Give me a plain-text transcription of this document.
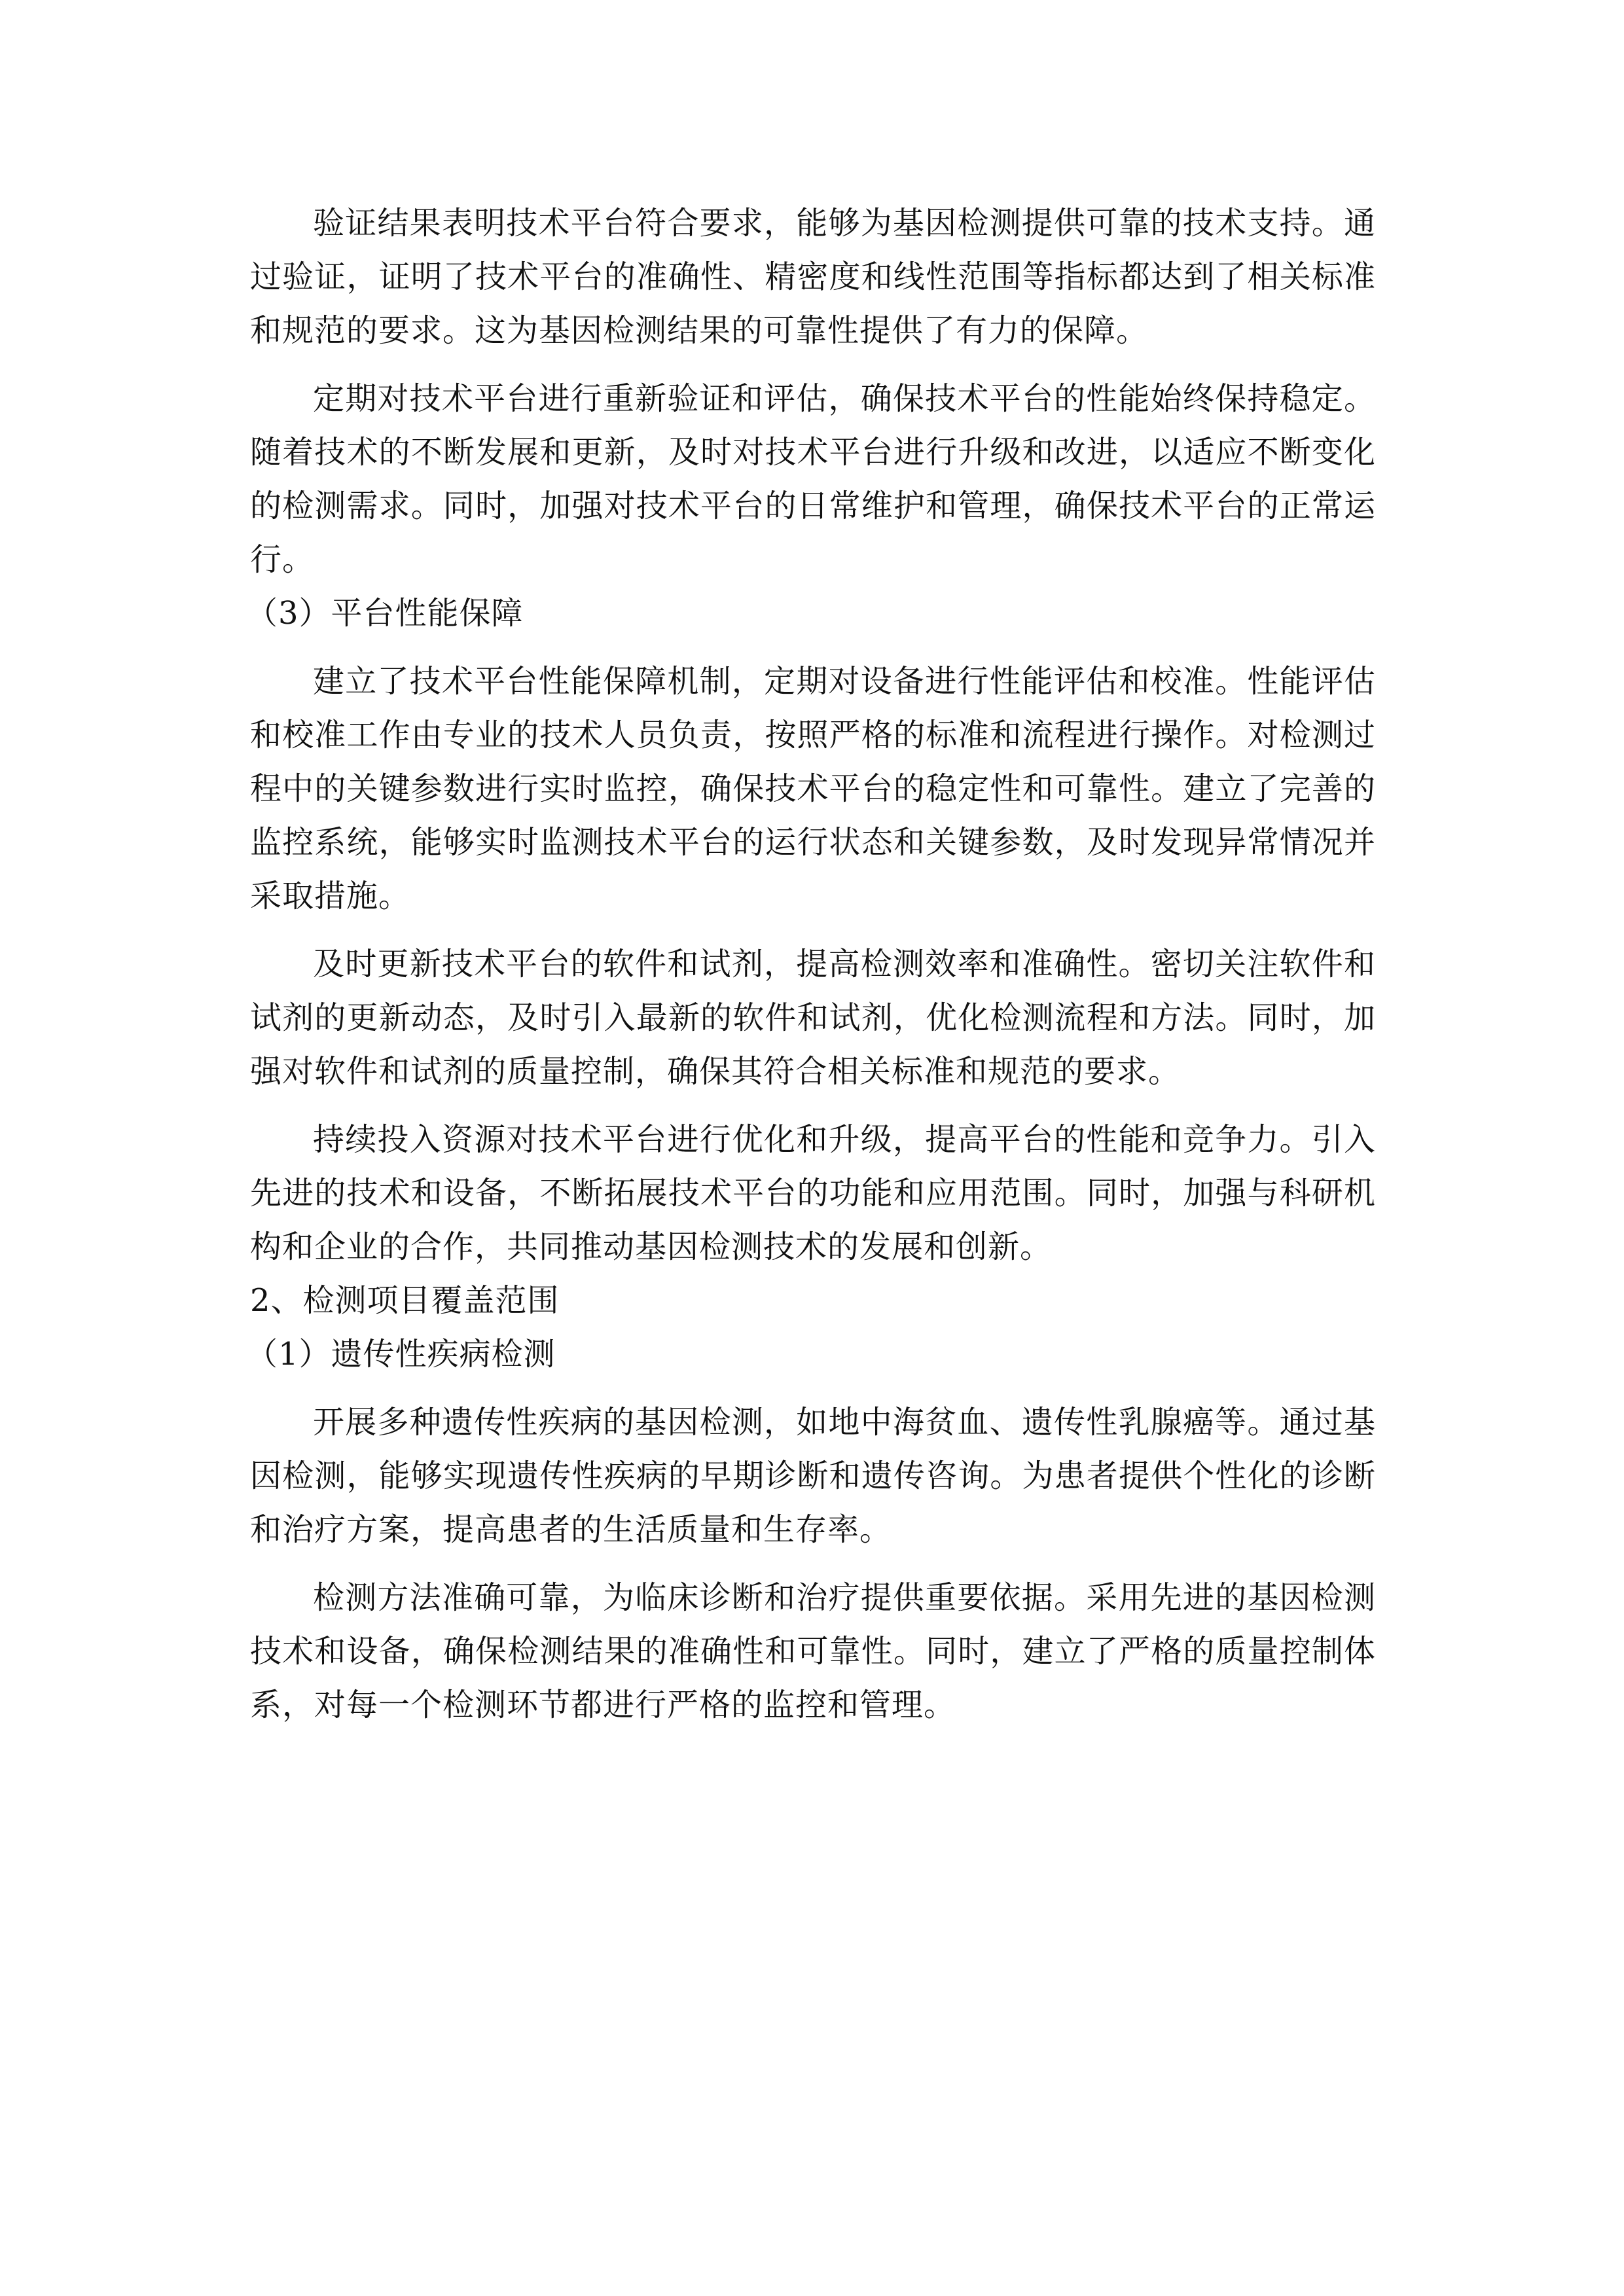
验证结果表明技术平台符合要求，能够为基因检测提供可靠的技术支持。通过验证，证明了技术平台的准确性、精密度和线性范围等指标都达到了相关标准和规范的要求。这为基因检测结果的可靠性提供了有力的保障。

定期对技术平台进行重新验证和评估，确保技术平台的性能始终保持稳定。随着技术的不断发展和更新，及时对技术平台进行升级和改进，以适应不断变化的检测需求。同时，加强对技术平台的日常维护和管理，确保技术平台的正常运行。

（3）平台性能保障

建立了技术平台性能保障机制，定期对设备进行性能评估和校准。性能评估和校准工作由专业的技术人员负责，按照严格的标准和流程进行操作。对检测过程中的关键参数进行实时监控，确保技术平台的稳定性和可靠性。建立了完善的监控系统，能够实时监测技术平台的运行状态和关键参数，及时发现异常情况并采取措施。

及时更新技术平台的软件和试剂，提高检测效率和准确性。密切关注软件和试剂的更新动态，及时引入最新的软件和试剂，优化检测流程和方法。同时，加强对软件和试剂的质量控制，确保其符合相关标准和规范的要求。

持续投入资源对技术平台进行优化和升级，提高平台的性能和竞争力。引入先进的技术和设备，不断拓展技术平台的功能和应用范围。同时，加强与科研机构和企业的合作，共同推动基因检测技术的发展和创新。

2、检测项目覆盖范围

（1）遗传性疾病检测

开展多种遗传性疾病的基因检测，如地中海贫血、遗传性乳腺癌等。通过基因检测，能够实现遗传性疾病的早期诊断和遗传咨询。为患者提供个性化的诊断和治疗方案，提高患者的生活质量和生存率。

检测方法准确可靠，为临床诊断和治疗提供重要依据。采用先进的基因检测技术和设备，确保检测结果的准确性和可靠性。同时，建立了严格的质量控制体系，对每一个检测环节都进行严格的监控和管理。
